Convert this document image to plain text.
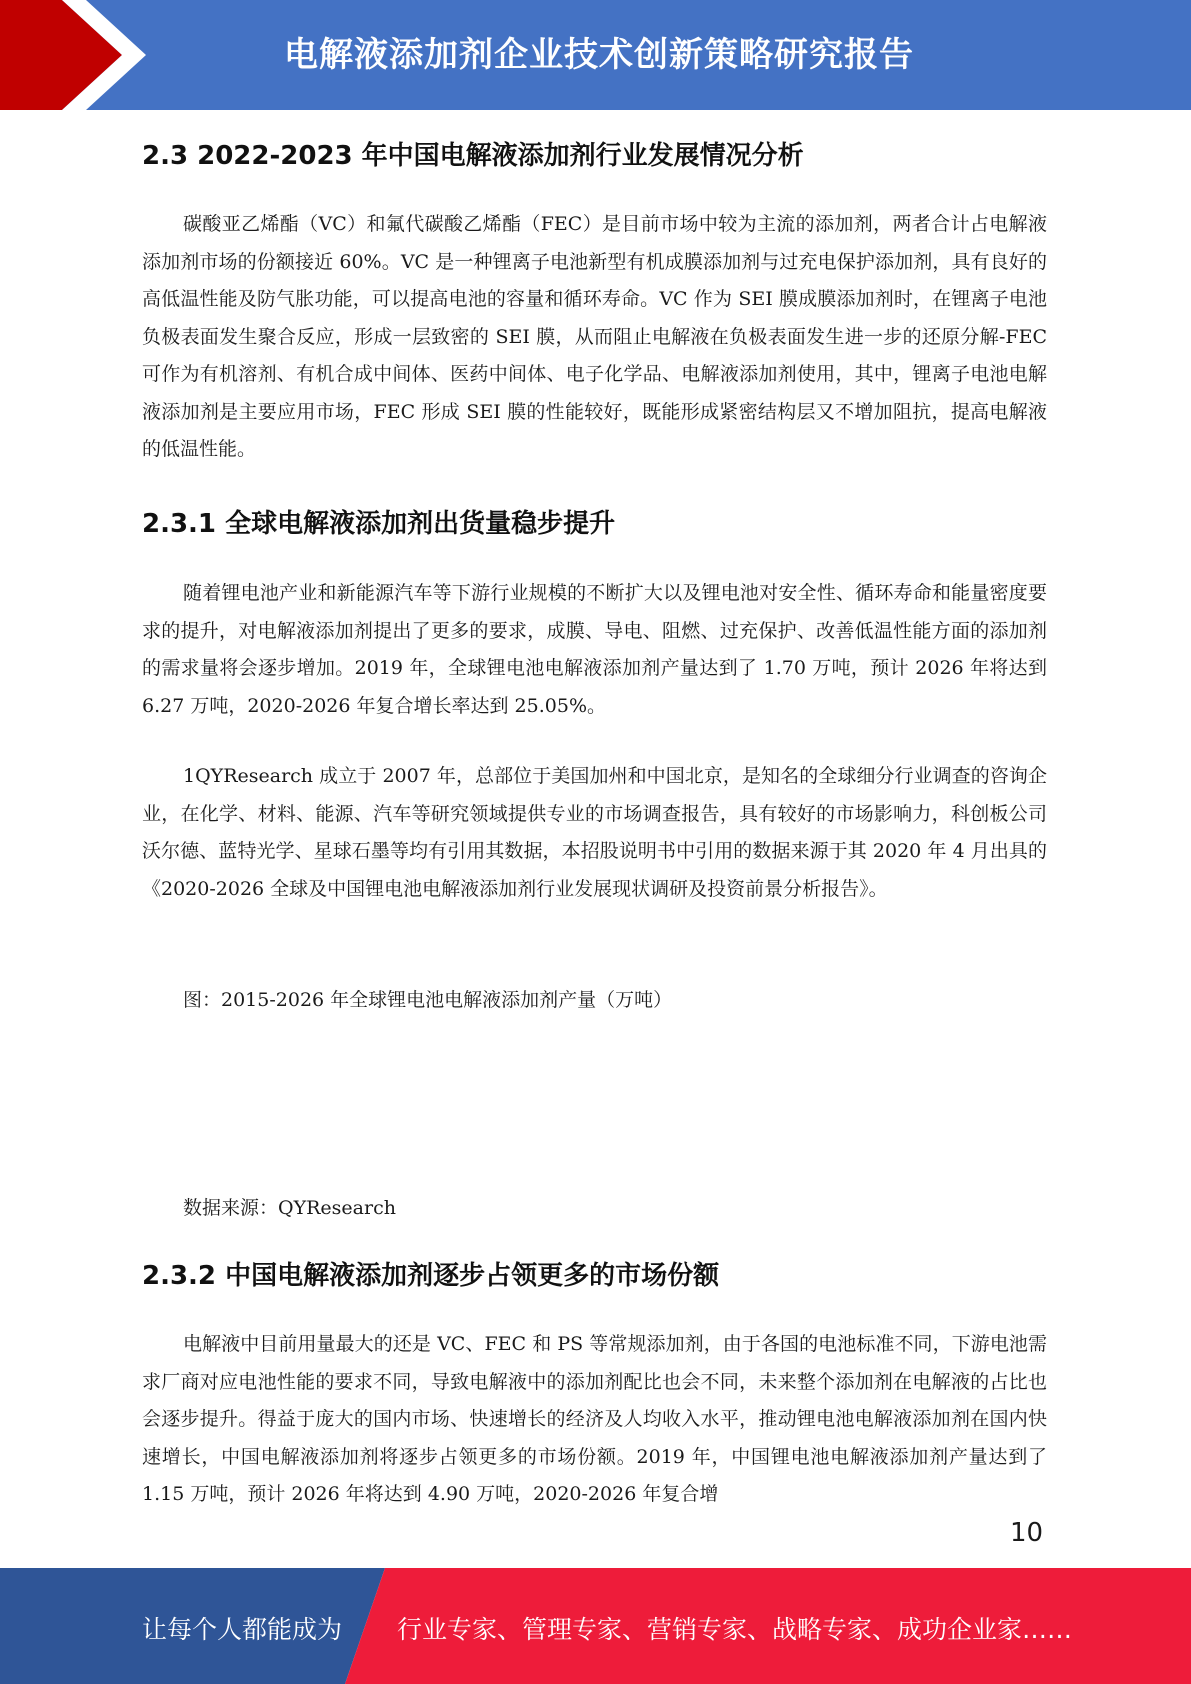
电解液添加剂企业技术创新策略研究报告
2.3 2022-2023 年中国电解液添加剂行业发展情况分析

碳酸亚乙烯酯（VC）和氟代碳酸乙烯酯（FEC）是目前市场中较为主流的添加剂，两者合计占电解液添加剂市场的份额接近 60%。VC 是一种锂离子电池新型有机成膜添加剂与过充电保护添加剂，具有良好的高低温性能及防气胀功能，可以提高电池的容量和循环寿命。VC 作为 SEI 膜成膜添加剂时，在锂离子电池负极表面发生聚合反应，形成一层致密的 SEI 膜，从而阻止电解液在负极表面发生进一步的还原分解-FEC 可作为有机溶剂、有机合成中间体、医药中间体、电子化学品、电解液添加剂使用，其中，锂离子电池电解液添加剂是主要应用市场，FEC 形成 SEI 膜的性能较好，既能形成紧密结构层又不增加阻抗，提高电解液的低温性能。

2.3.1 全球电解液添加剂出货量稳步提升

随着锂电池产业和新能源汽车等下游行业规模的不断扩大以及锂电池对安全性、循环寿命和能量密度要求的提升，对电解液添加剂提出了更多的要求，成膜、导电、阻燃、过充保护、改善低温性能方面的添加剂的需求量将会逐步增加。2019 年，全球锂电池电解液添加剂产量达到了 1.70 万吨，预计 2026 年将达到 6.27 万吨，2020-2026 年复合增长率达到 25.05%。

1QYResearch 成立于 2007 年，总部位于美国加州和中国北京，是知名的全球细分行业调查的咨询企业，在化学、材料、能源、汽车等研究领域提供专业的市场调查报告，具有较好的市场影响力，科创板公司沃尔德、蓝特光学、星球石墨等均有引用其数据，本招股说明书中引用的数据来源于其 2020 年 4 月出具的《2020-2026 全球及中国锂电池电解液添加剂行业发展现状调研及投资前景分析报告》。

图：2015-2026 年全球锂电池电解液添加剂产量（万吨）

数据来源：QYResearch

2.3.2 中国电解液添加剂逐步占领更多的市场份额

电解液中目前用量最大的还是 VC、FEC 和 PS 等常规添加剂，由于各国的电池标准不同，下游电池需求厂商对应电池性能的要求不同，导致电解液中的添加剂配比也会不同，未来整个添加剂在电解液的占比也会逐步提升。得益于庞大的国内市场、快速增长的经济及人均收入水平，推动锂电池电解液添加剂在国内快速增长，中国电解液添加剂将逐步占领更多的市场份额。2019 年，中国锂电池电解液添加剂产量达到了 1.15 万吨，预计 2026 年将达到 4.90 万吨，2020-2026 年复合增

10
让每个人都能成为 行业专家、管理专家、营销专家、战略专家、成功企业家……
